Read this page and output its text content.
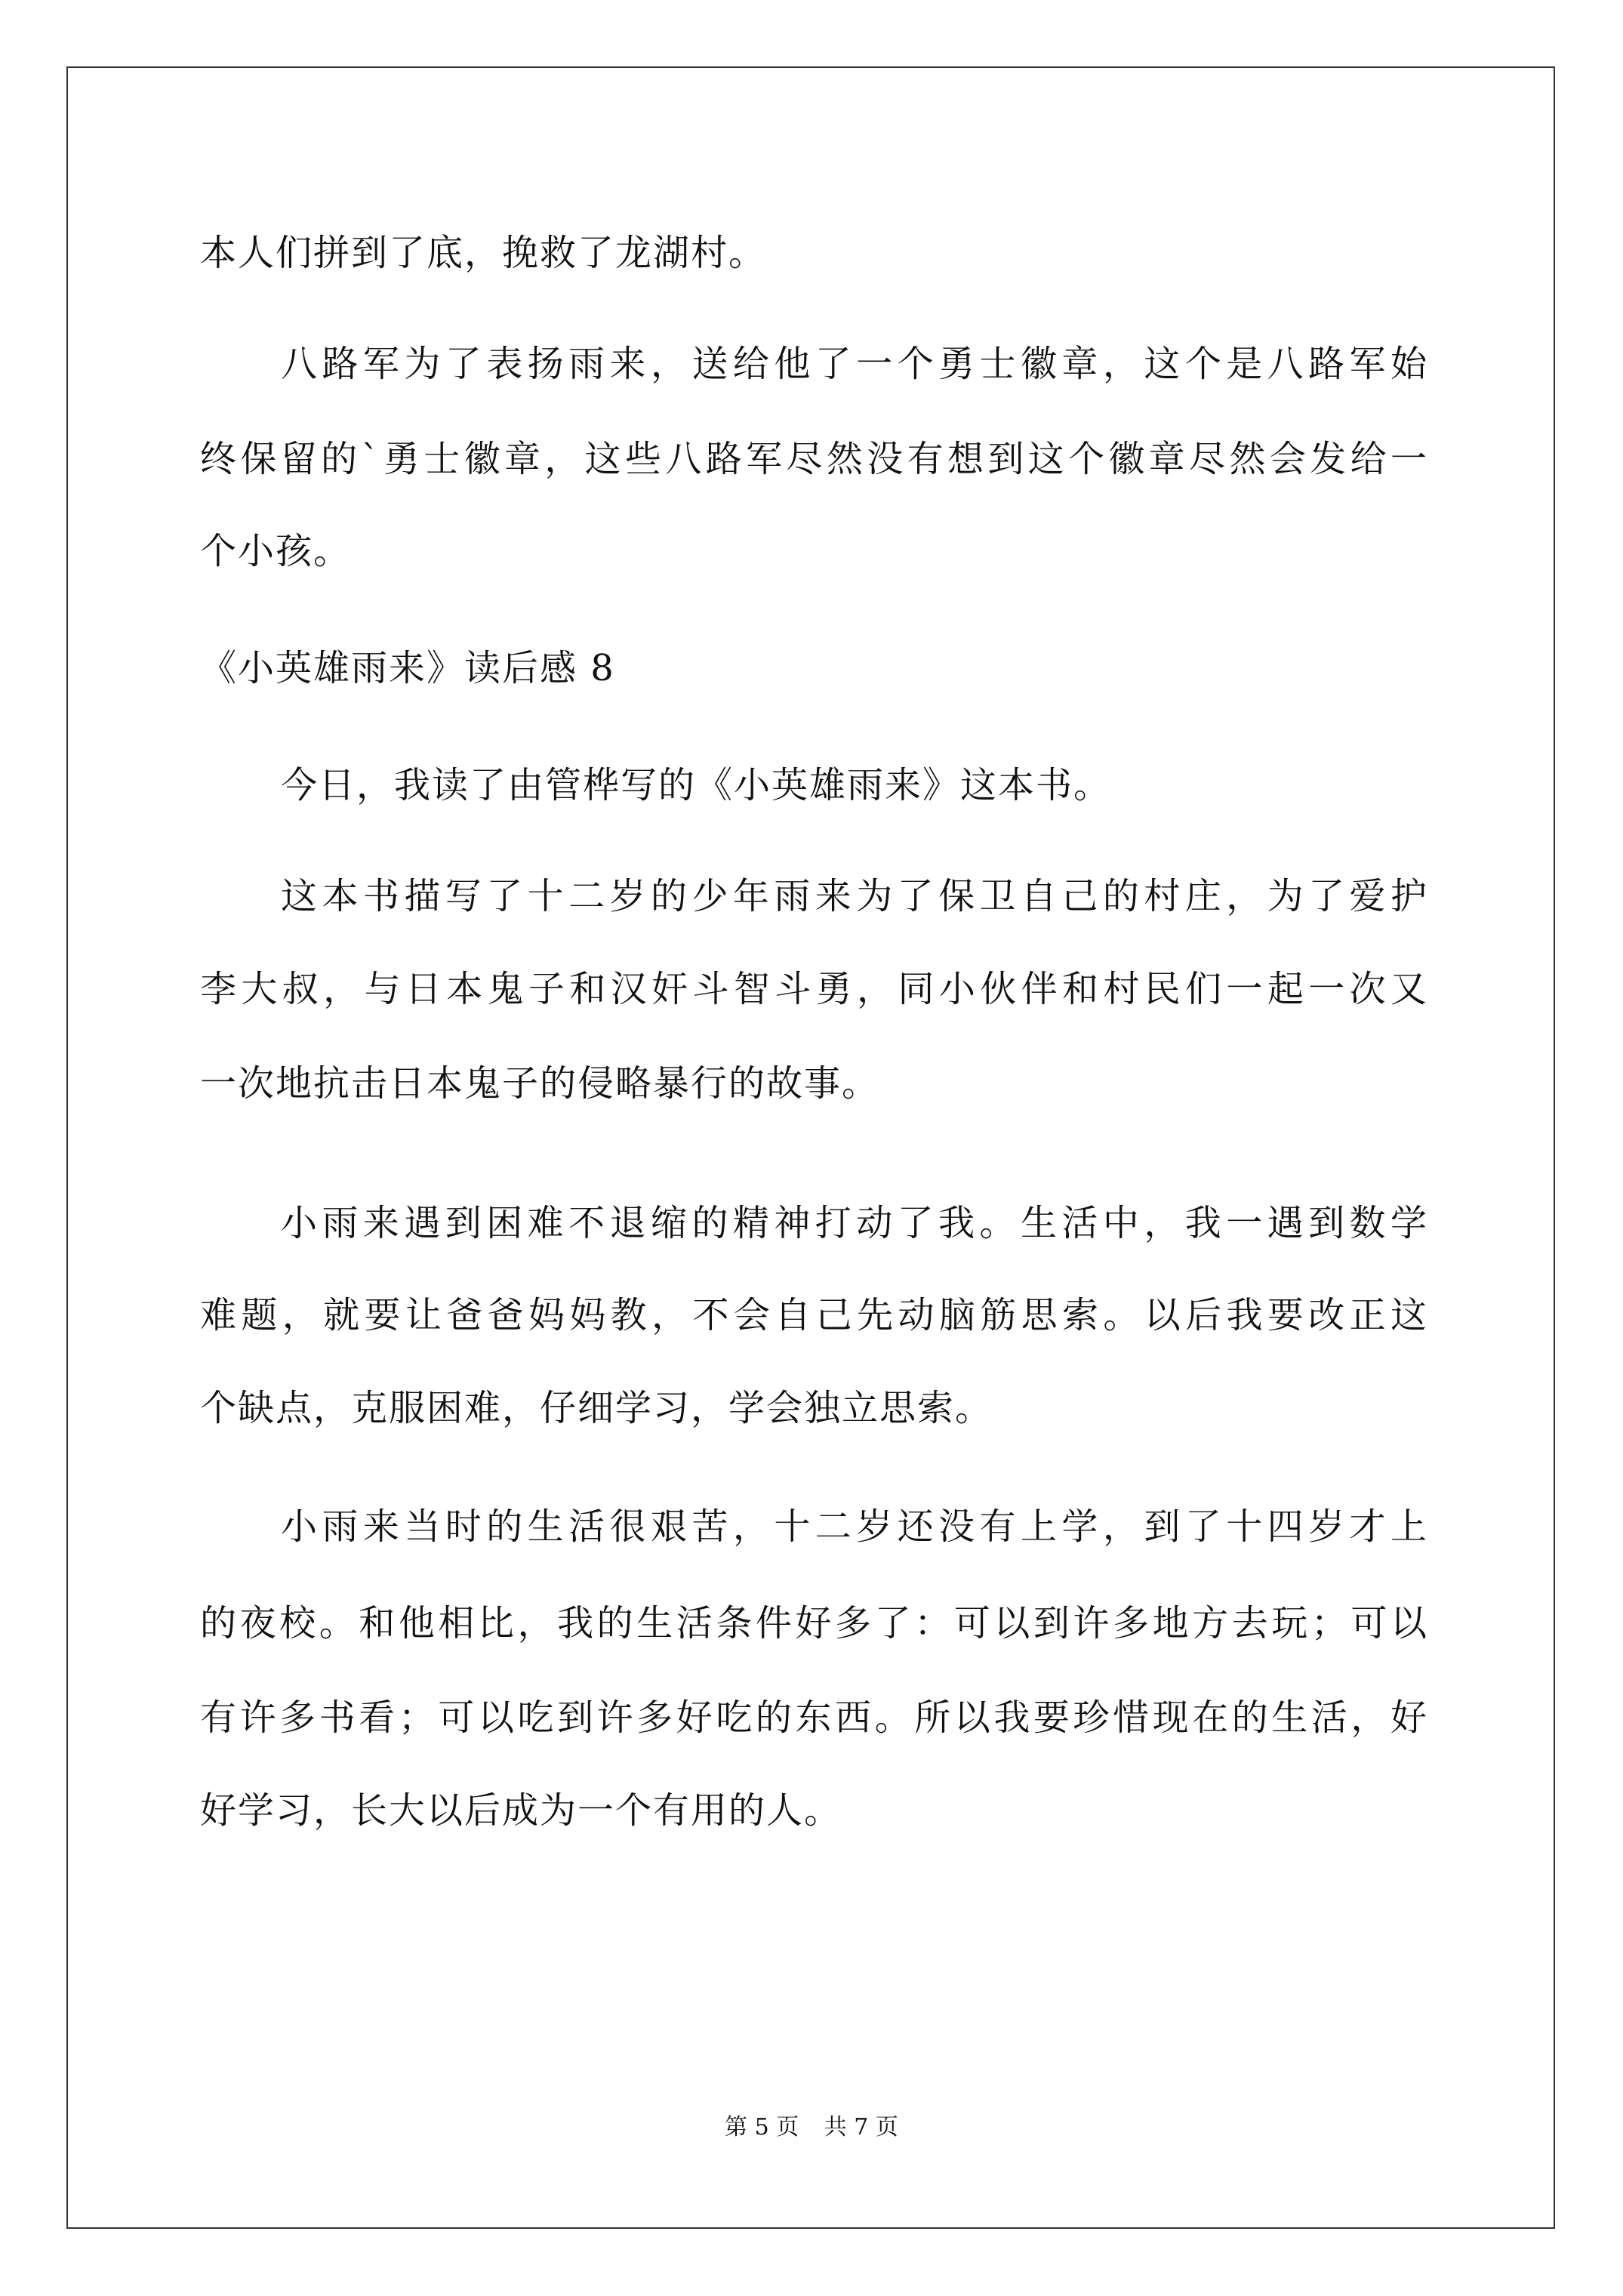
本人们拼到了底，挽救了龙湖村。
八路军为了表扬雨来，送给他了一个勇士徽章，这个是八路军始
终保留的`勇士徽章，这些八路军尽然没有想到这个徽章尽然会发给一
个小孩。
《小英雄雨来》读后感 8
今日，我读了由管桦写的《小英雄雨来》这本书。
这本书描写了十二岁的少年雨来为了保卫自己的村庄，为了爱护
李大叔，与日本鬼子和汉奸斗智斗勇，同小伙伴和村民们一起一次又
一次地抗击日本鬼子的侵略暴行的故事。
小雨来遇到困难不退缩的精神打动了我。生活中，我一遇到数学
难题，就要让爸爸妈妈教，不会自己先动脑筋思索。以后我要改正这
个缺点，克服困难，仔细学习，学会独立思索。
小雨来当时的生活很艰苦，十二岁还没有上学，到了十四岁才上
的夜校。和他相比，我的生活条件好多了：可以到许多地方去玩；可以
有许多书看；可以吃到许多好吃的东西。所以我要珍惜现在的生活，好
好学习，长大以后成为一个有用的人。
第 5 页 共 7 页
